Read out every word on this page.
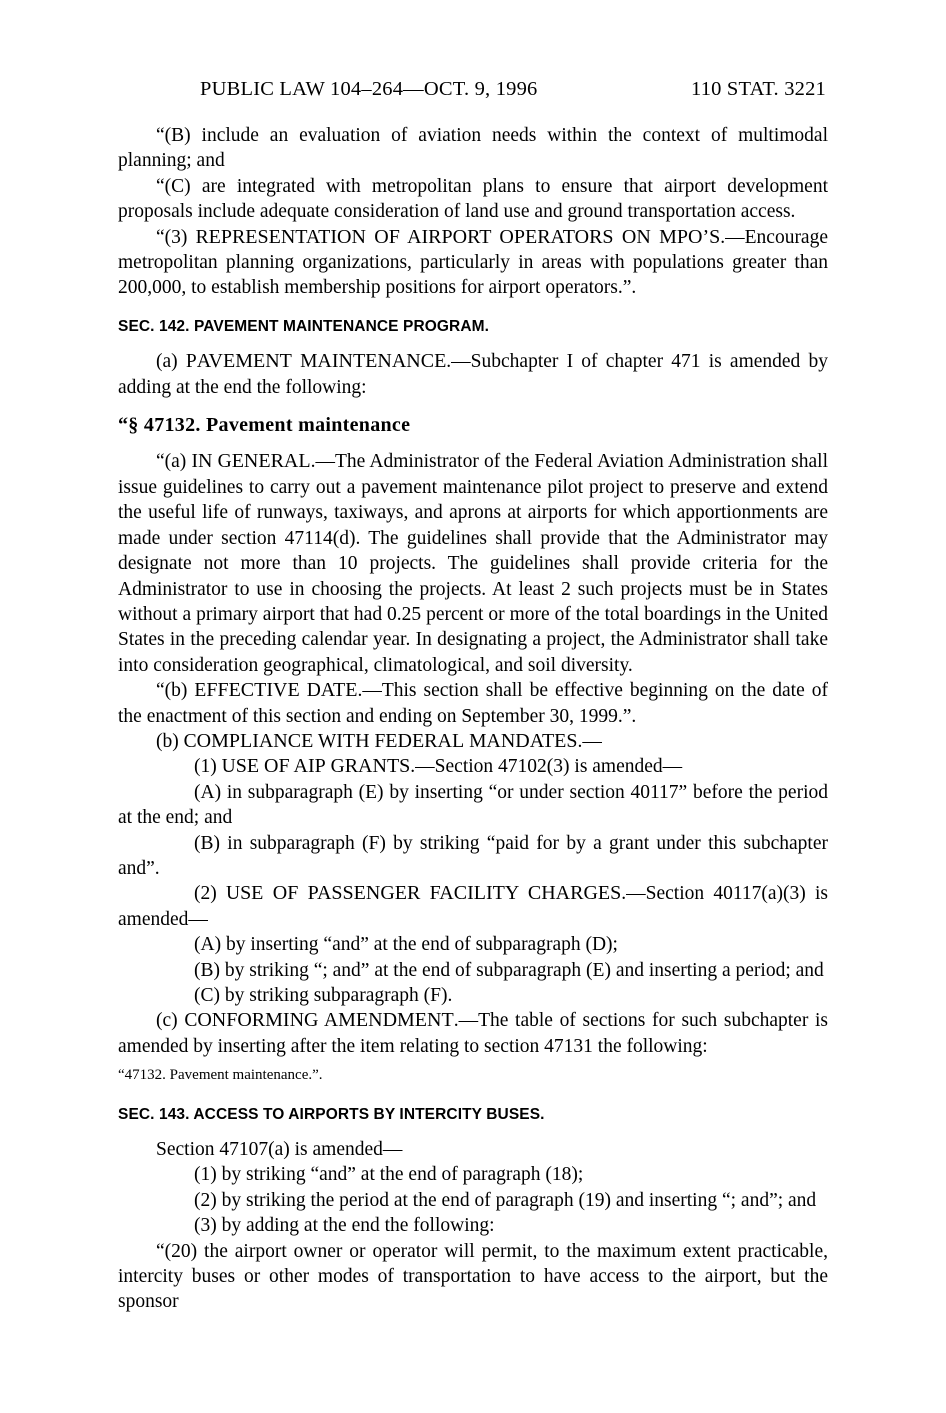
PUBLIC LAW 104–264—OCT. 9, 1996	110 STAT. 3221

“(B) include an evaluation of aviation needs within the context of multimodal planning; and

“(C) are integrated with metropolitan plans to ensure that airport development proposals include adequate consideration of land use and ground transportation access.

“(3) REPRESENTATION OF AIRPORT OPERATORS ON MPO’S.—Encourage metropolitan planning organizations, particularly in areas with populations greater than 200,000, to establish membership positions for airport operators.”.

SEC. 142. PAVEMENT MAINTENANCE PROGRAM.

(a) PAVEMENT MAINTENANCE.—Subchapter I of chapter 471 is amended by adding at the end the following:

“§ 47132. Pavement maintenance

“(a) IN GENERAL.—The Administrator of the Federal Aviation Administration shall issue guidelines to carry out a pavement maintenance pilot project to preserve and extend the useful life of runways, taxiways, and aprons at airports for which apportionments are made under section 47114(d). The guidelines shall provide that the Administrator may designate not more than 10 projects. The guidelines shall provide criteria for the Administrator to use in choosing the projects. At least 2 such projects must be in States without a primary airport that had 0.25 percent or more of the total boardings in the United States in the preceding calendar year. In designating a project, the Administrator shall take into consideration geographical, climatological, and soil diversity.

“(b) EFFECTIVE DATE.—This section shall be effective beginning on the date of the enactment of this section and ending on September 30, 1999.”.

(b) COMPLIANCE WITH FEDERAL MANDATES.—

(1) USE OF AIP GRANTS.—Section 47102(3) is amended—

(A) in subparagraph (E) by inserting “or under section 40117” before the period at the end; and

(B) in subparagraph (F) by striking “paid for by a grant under this subchapter and”.

(2) USE OF PASSENGER FACILITY CHARGES.—Section 40117(a)(3) is amended—

(A) by inserting “and” at the end of subparagraph (D);

(B) by striking “; and” at the end of subparagraph (E) and inserting a period; and

(C) by striking subparagraph (F).

(c) CONFORMING AMENDMENT.—The table of sections for such subchapter is amended by inserting after the item relating to section 47131 the following:

“47132. Pavement maintenance.”.

SEC. 143. ACCESS TO AIRPORTS BY INTERCITY BUSES.

Section 47107(a) is amended—

(1) by striking “and” at the end of paragraph (18);

(2) by striking the period at the end of paragraph (19) and inserting “; and”; and

(3) by adding at the end the following:

“(20) the airport owner or operator will permit, to the maximum extent practicable, intercity buses or other modes of transportation to have access to the airport, but the sponsor
